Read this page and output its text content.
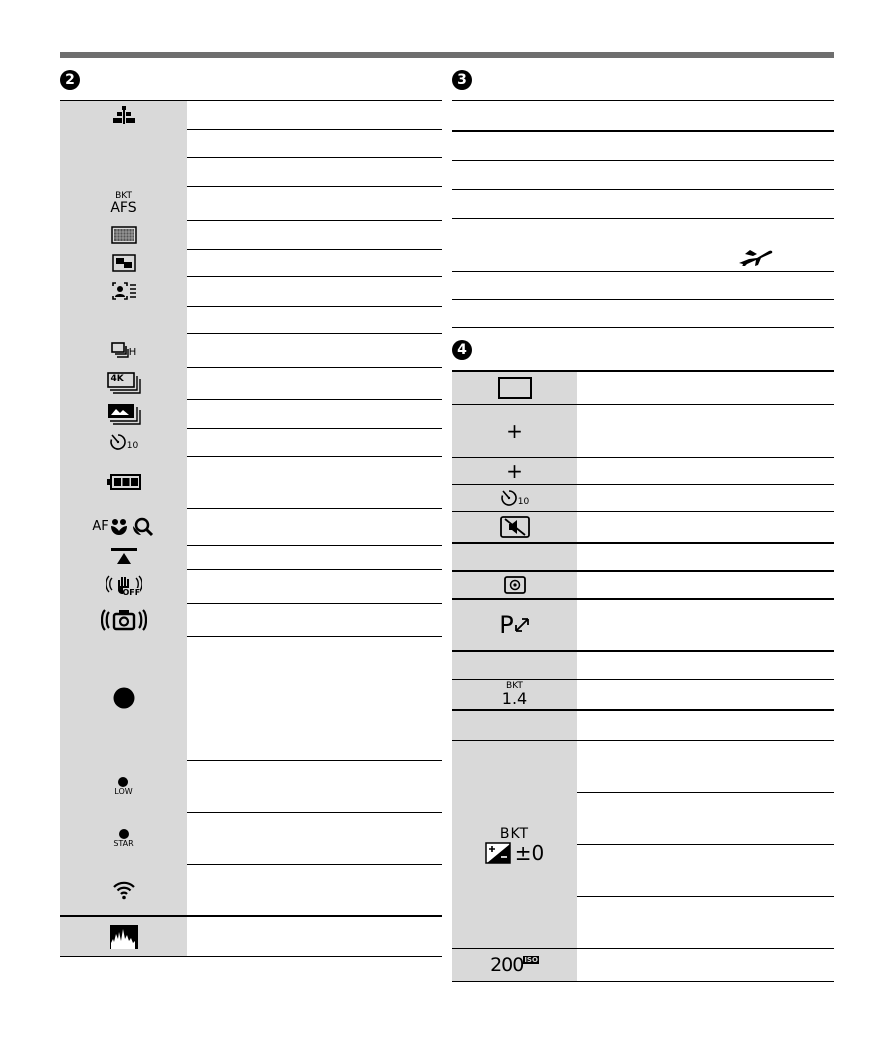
2
BKT
AFS
H
4K
10
AF
OFF
LOW
STAR
3
4
+
+
10
P
BKT
1.4
BKT
±0
200 ISO
